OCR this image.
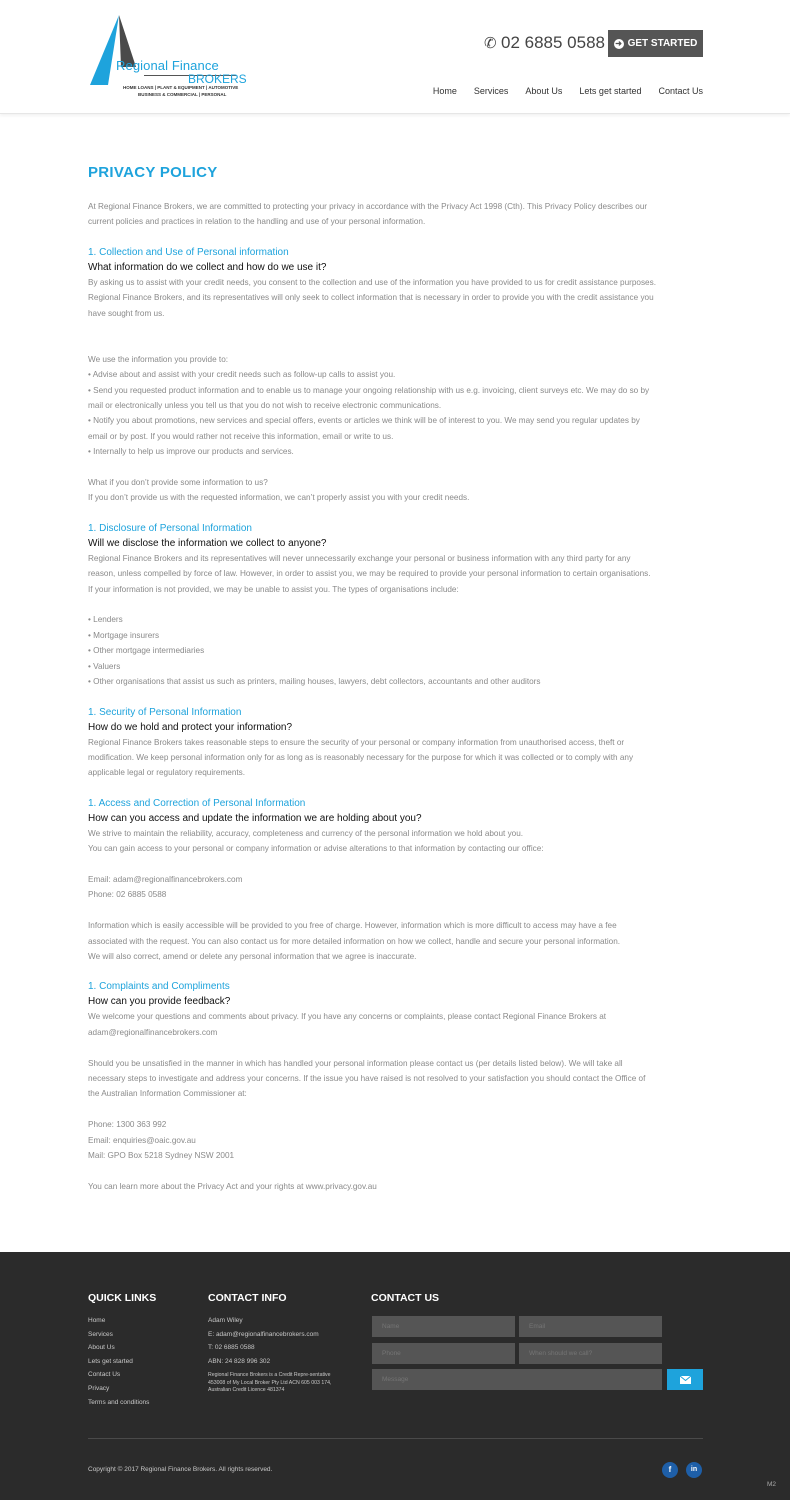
Regional Finance
BROKERS
HOME LOANS | PLANT & EQUIPMENT | AUTOMOTIVE
BUSINESS & COMMERCIAL | PERSONAL
✆ 02 6885 0588 ➜ GET STARTED
Home Services About Us Lets get started Contact Us
PRIVACY POLICY
At Regional Finance Brokers, we are committed to protecting your privacy in accordance with the Privacy Act 1998 (Cth). This Privacy Policy describes our
current policies and practices in relation to the handling and use of your personal information.
1. Collection and Use of Personal information
What information do we collect and how do we use it?
By asking us to assist with your credit needs, you consent to the collection and use of the information you have provided to us for credit assistance purposes.
Regional Finance Brokers, and its representatives will only seek to collect information that is necessary in order to provide you with the credit assistance you
have sought from us.
We use the information you provide to:
• Advise about and assist with your credit needs such as follow-up calls to assist you.
• Send you requested product information and to enable us to manage your ongoing relationship with us e.g. invoicing, client surveys etc. We may do so by
mail or electronically unless you tell us that you do not wish to receive electronic communications.
• Notify you about promotions, new services and special offers, events or articles we think will be of interest to you. We may send you regular updates by
email or by post. If you would rather not receive this information, email or write to us.
• Internally to help us improve our products and services.
What if you don’t provide some information to us?
If you don’t provide us with the requested information, we can’t properly assist you with your credit needs.
1. Disclosure of Personal Information
Will we disclose the information we collect to anyone?
Regional Finance Brokers and its representatives will never unnecessarily exchange your personal or business information with any third party for any
reason, unless compelled by force of law. However, in order to assist you, we may be required to provide your personal information to certain organisations.
If your information is not provided, we may be unable to assist you. The types of organisations include:
• Lenders
• Mortgage insurers
• Other mortgage intermediaries
• Valuers
• Other organisations that assist us such as printers, mailing houses, lawyers, debt collectors, accountants and other auditors
1. Security of Personal Information
How do we hold and protect your information?
Regional Finance Brokers takes reasonable steps to ensure the security of your personal or company information from unauthorised access, theft or
modification. We keep personal information only for as long as is reasonably necessary for the purpose for which it was collected or to comply with any
applicable legal or regulatory requirements.
1. Access and Correction of Personal Information
How can you access and update the information we are holding about you?
We strive to maintain the reliability, accuracy, completeness and currency of the personal information we hold about you.
You can gain access to your personal or company information or advise alterations to that information by contacting our office:
Email: adam@regionalfinancebrokers.com
Phone: 02 6885 0588
Information which is easily accessible will be provided to you free of charge. However, information which is more difficult to access may have a fee
associated with the request. You can also contact us for more detailed information on how we collect, handle and secure your personal information.
We will also correct, amend or delete any personal information that we agree is inaccurate.
1. Complaints and Compliments
How can you provide feedback?
We welcome your questions and comments about privacy. If you have any concerns or complaints, please contact Regional Finance Brokers at
adam@regionalfinancebrokers.com
Should you be unsatisfied in the manner in which has handled your personal information please contact us (per details listed below). We will take all
necessary steps to investigate and address your concerns. If the issue you have raised is not resolved to your satisfaction you should contact the Office of
the Australian Information Commissioner at:
Phone: 1300 363 992
Email: enquiries@oaic.gov.au
Mail: GPO Box 5218 Sydney NSW 2001
You can learn more about the Privacy Act and your rights at www.privacy.gov.au
QUICK LINKS
Home
Services
About Us
Lets get started
Contact Us
Privacy
Terms and conditions
CONTACT INFO
Adam Wiley
E: adam@regionalfinancebrokers.com
T: 02 6885 0588
ABN: 24 828 996 302
Regional Finance Brokers is a Credit Repre-sentative 453008 of My Local Broker Pty Ltd ACN 605 003 174, Australian Credit Licence 481374
CONTACT US
Name
Email
Phone
When should we call?
Message
Copyright © 2017 Regional Finance Brokers. All rights reserved.	f	in
M2
